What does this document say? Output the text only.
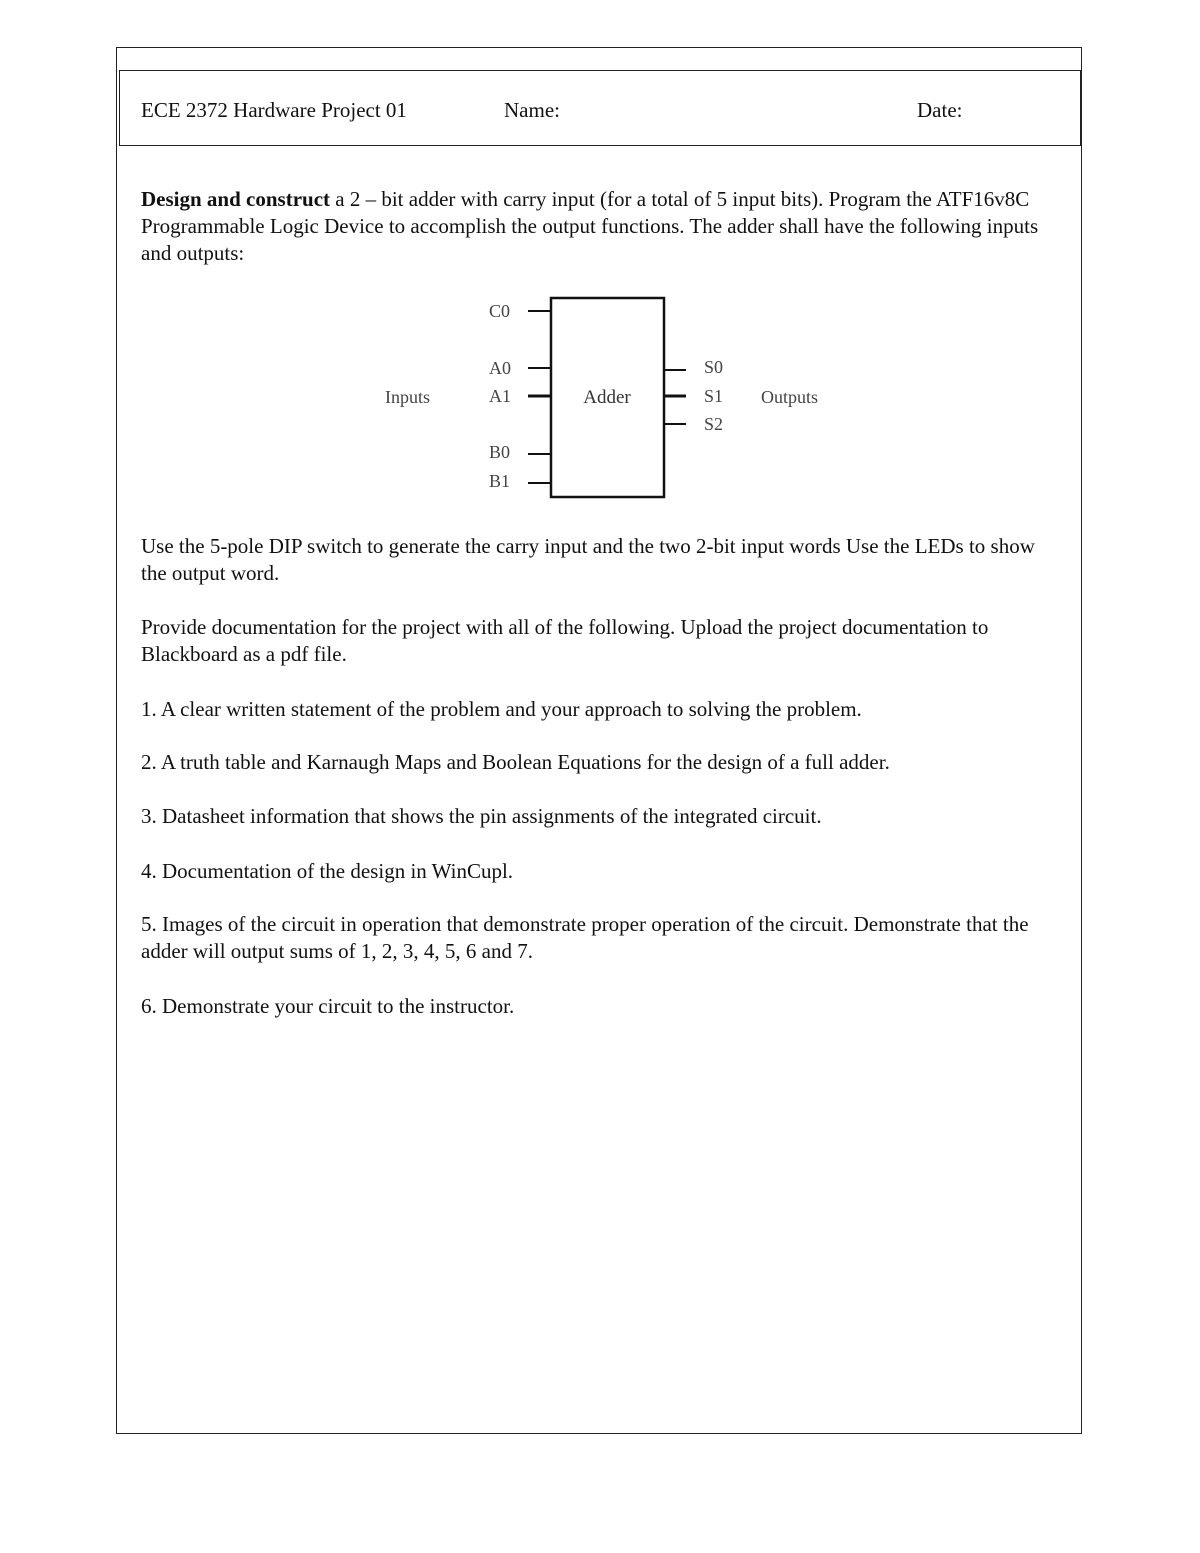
ECE 2372 Hardware Project 01	Name:	Date:

Design and construct a 2 – bit adder with carry input (for a total of 5 input bits). Program the ATF16v8C Programmable Logic Device to accomplish the output functions. The adder shall have the following inputs and outputs:

Adder
Inputs	Outputs
C0
A0
A1
B0
B1
S0
S1
S2

Use the 5-pole DIP switch to generate the carry input and the two 2-bit input words Use the LEDs to show the output word.

Provide documentation for the project with all of the following. Upload the project documentation to Blackboard as a pdf file.

1. A clear written statement of the problem and your approach to solving the problem.

2. A truth table and Karnaugh Maps and Boolean Equations for the design of a full adder.

3. Datasheet information that shows the pin assignments of the integrated circuit.

4. Documentation of the design in WinCupl.

5. Images of the circuit in operation that demonstrate proper operation of the circuit. Demonstrate that the adder will output sums of 1, 2, 3, 4, 5, 6 and 7.

6. Demonstrate your circuit to the instructor.
